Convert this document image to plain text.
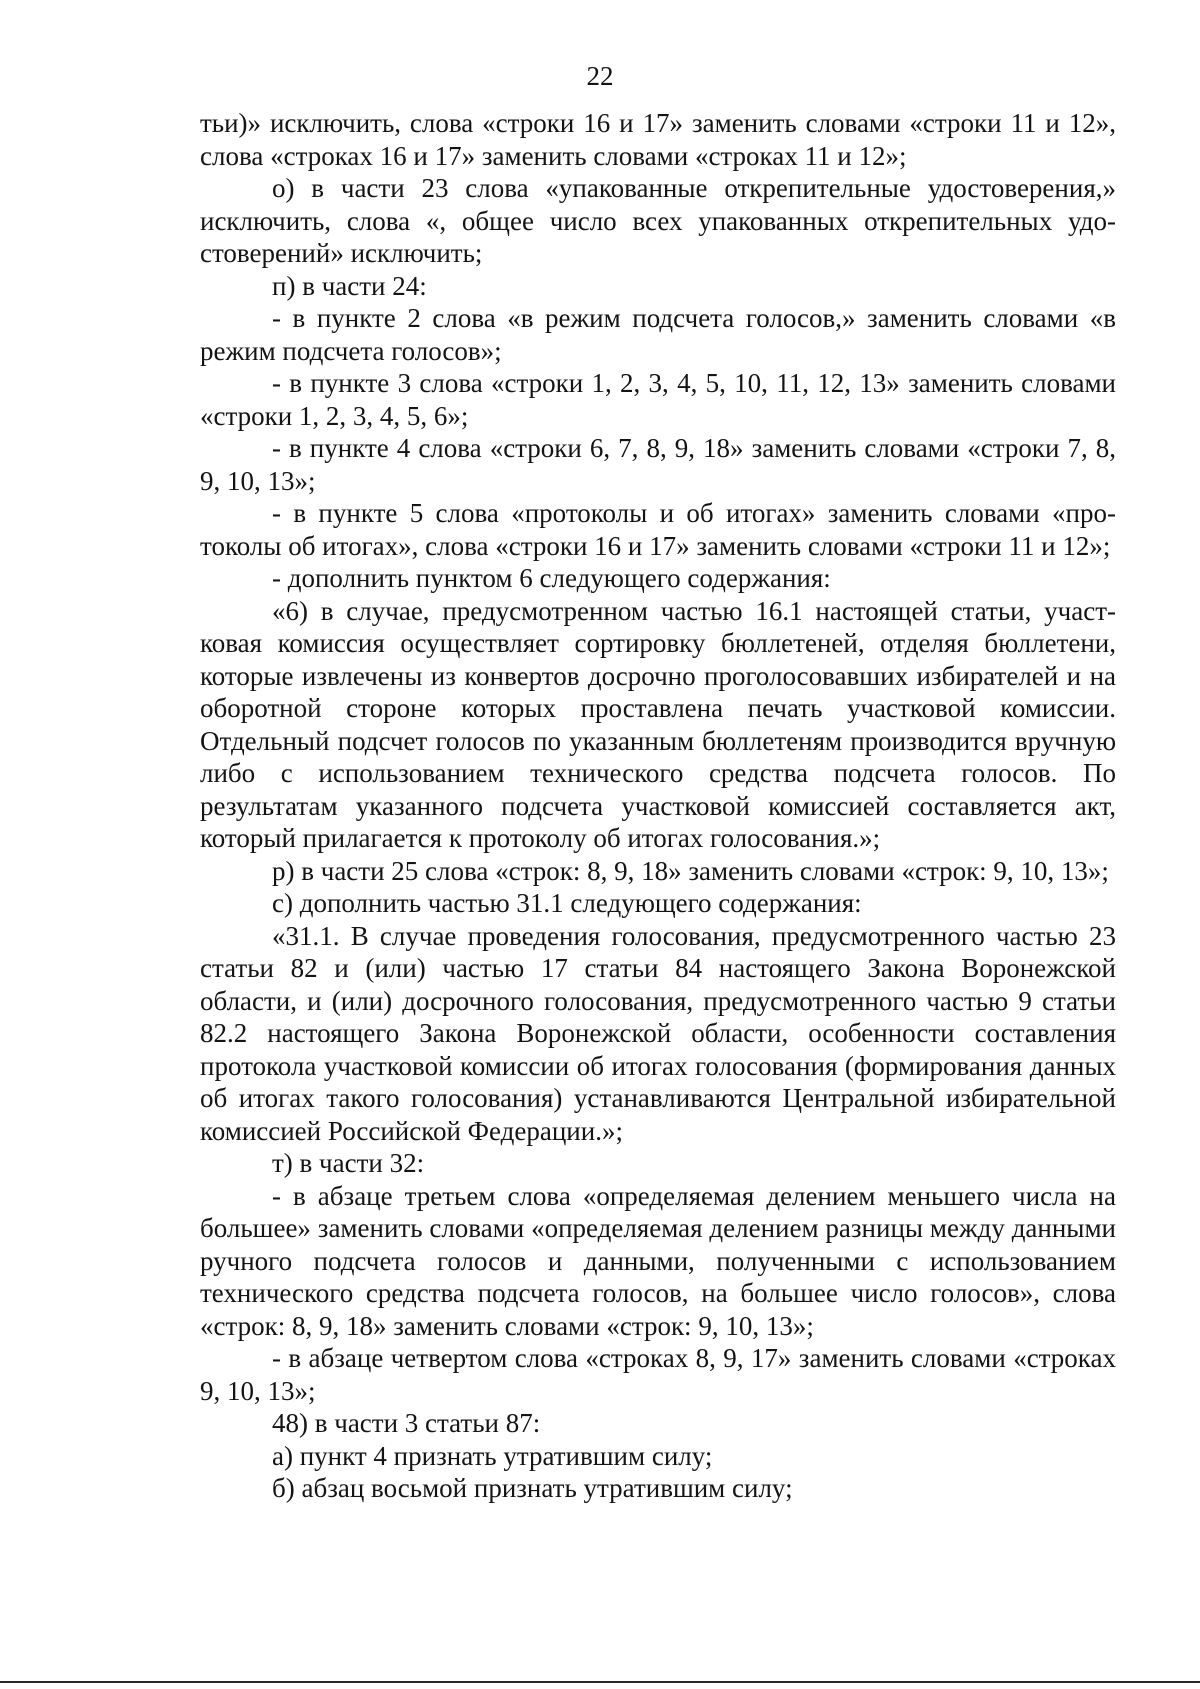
22

тьи)» исключить, слова «строки 16 и 17» заменить словами «строки 11 и 12», слова «строках 16 и 17» заменить словами «строках 11 и 12»;

о) в части 23 слова «упакованные открепительные удостоверения,» исключить, слова «, общее число всех упакованных открепительных удостоверений» исключить;

п) в части 24:

- в пункте 2 слова «в режим подсчета голосов,» заменить словами «в режим подсчета голосов»;

- в пункте 3 слова «строки 1, 2, 3, 4, 5, 10, 11, 12, 13» заменить словами «строки 1, 2, 3, 4, 5, 6»;

- в пункте 4 слова «строки 6, 7, 8, 9, 18» заменить словами «строки 7, 8, 9, 10, 13»;

- в пункте 5 слова «протоколы и об итогах» заменить словами «протоколы об итогах», слова «строки 16 и 17» заменить словами «строки 11 и 12»;

- дополнить пунктом 6 следующего содержания:

«6) в случае, предусмотренном частью 16.1 настоящей статьи, участковая комиссия осуществляет сортировку бюллетеней, отделяя бюллетени, которые извлечены из конвертов досрочно проголосовавших избирателей и на оборотной стороне которых проставлена печать участковой комиссии. Отдельный подсчет голосов по указанным бюллетеням производится вручную либо с использованием технического средства подсчета голосов. По результатам указанного подсчета участковой комиссией составляется акт, который прилагается к протоколу об итогах голосования.»;

р) в части 25 слова «строк: 8, 9, 18» заменить словами «строк: 9, 10, 13»;

с) дополнить частью 31.1 следующего содержания:

«31.1. В случае проведения голосования, предусмотренного частью 23 статьи 82 и (или) частью 17 статьи 84 настоящего Закона Воронежской области, и (или) досрочного голосования, предусмотренного частью 9 статьи 82.2 настоящего Закона Воронежской области, особенности составления протокола участковой комиссии об итогах голосования (формирования данных об итогах такого голосования) устанавливаются Центральной избирательной комиссией Российской Федерации.»;

т) в части 32:

- в абзаце третьем слова «определяемая делением меньшего числа на большее» заменить словами «определяемая делением разницы между данными ручного подсчета голосов и данными, полученными с использованием технического средства подсчета голосов, на большее число голосов», слова «строк: 8, 9, 18» заменить словами «строк: 9, 10, 13»;

- в абзаце четвертом слова «строках 8, 9, 17» заменить словами «строках 9, 10, 13»;

48) в части 3 статьи 87:

а) пункт 4 признать утратившим силу;

б) абзац восьмой признать утратившим силу;
